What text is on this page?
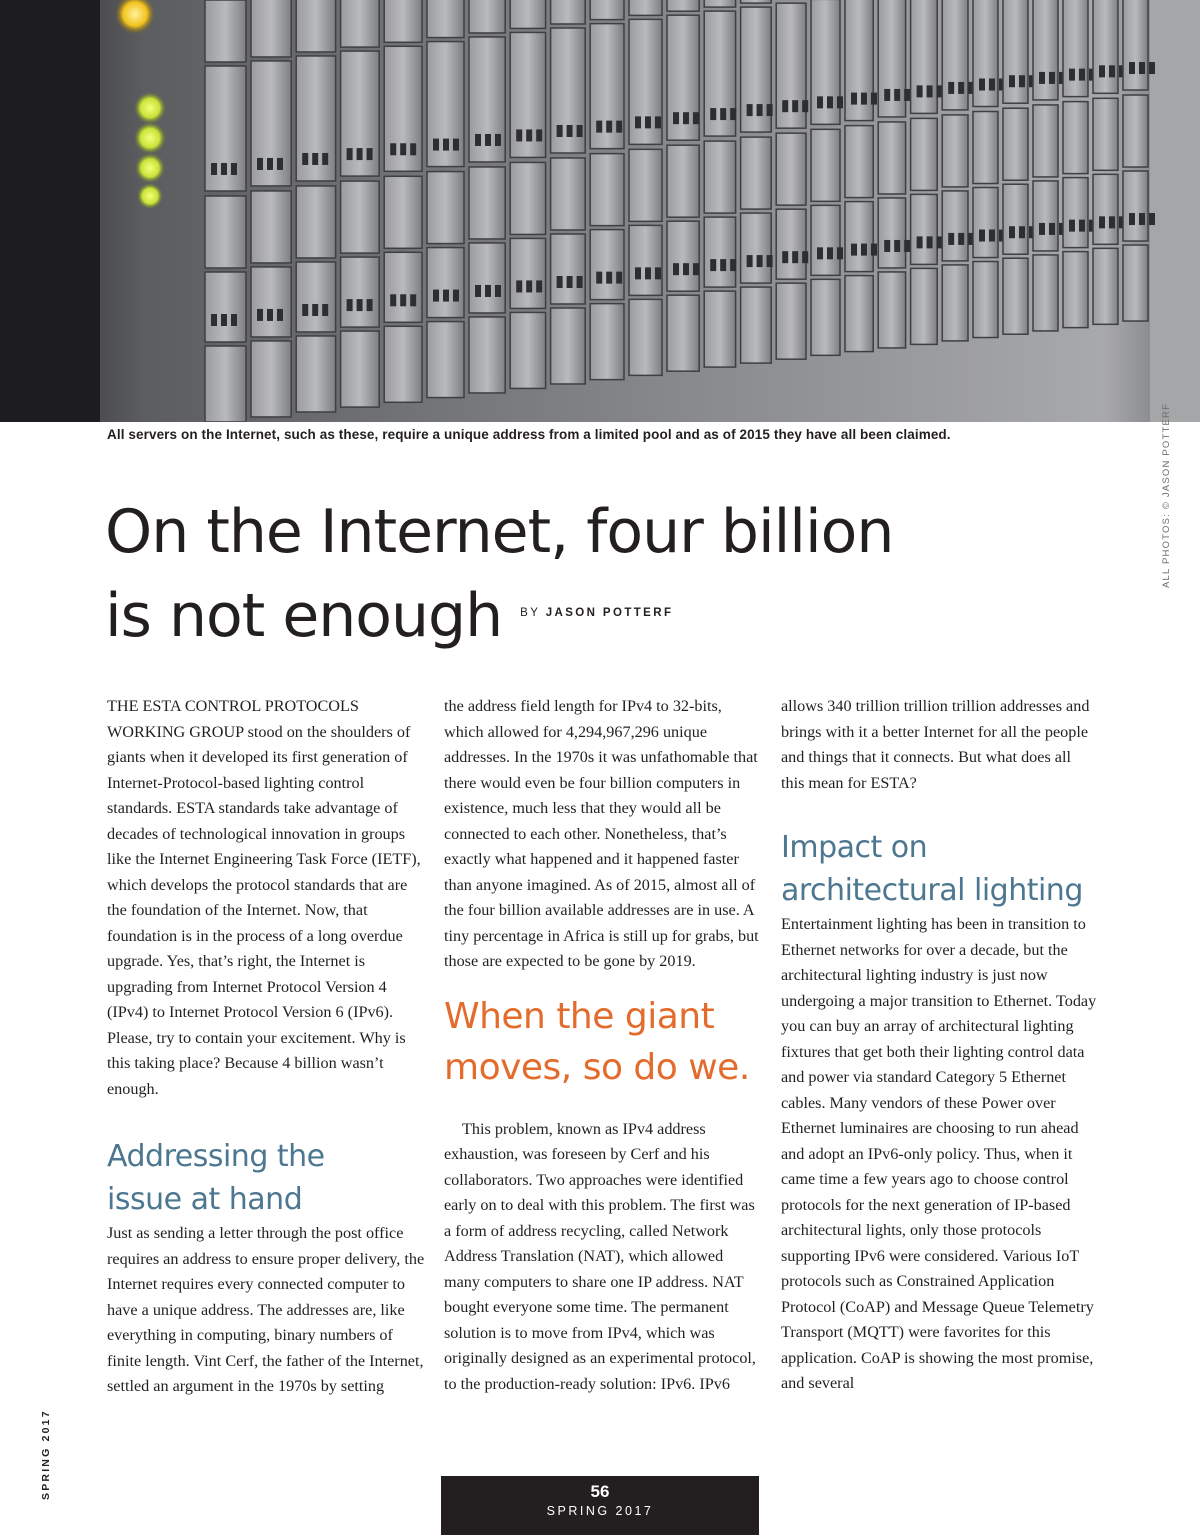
All servers on the Internet, such as these, require a unique address from a limited pool and as of 2015 they have all been claimed.	ALL PHOTOS: © JASON POTTERF
On the Internet, four billion
is not enough BY JASON POTTERF

THE ESTA CONTROL PROTOCOLS WORKING GROUP stood on the shoulders of giants when it developed its first generation of Internet-Protocol-based lighting control standards. ESTA standards take advantage of decades of technological innovation in groups like the Internet Engineering Task Force (IETF), which develops the protocol standards that are the foundation of the Internet. Now, that foundation is in the process of a long overdue upgrade. Yes, that’s right, the Internet is upgrading from Internet Protocol Version 4 (IPv4) to Internet Protocol Version 6 (IPv6). Please, try to contain your excitement. Why is this taking place? Because 4 billion wasn’t enough.

Addressing the
issue at hand

Just as sending a letter through the post office requires an address to ensure proper delivery, the Internet requires every connected computer to have a unique address. The addresses are, like everything in computing, binary numbers of finite length. Vint Cerf, the father of the Internet, settled an argument in the 1970s by setting

the address field length for IPv4 to 32-bits, which allowed for 4,294,967,296 unique addresses. In the 1970s it was unfathomable that there would even be four billion computers in existence, much less that they would all be connected to each other. Nonetheless, that’s exactly what happened and it happened faster than anyone imagined. As of 2015, almost all of the four billion available addresses are in use. A tiny percentage in Africa is still up for grabs, but those are expected to be gone by 2019.

When the giant
moves, so do we.

This problem, known as IPv4 address exhaustion, was foreseen by Cerf and his collaborators. Two approaches were identified early on to deal with this problem. The first was a form of address recycling, called Network Address Translation (NAT), which allowed many computers to share one IP address. NAT bought everyone some time. The permanent solution is to move from IPv4, which was originally designed as an experimental protocol, to the production-ready solution: IPv6. IPv6

allows 340 trillion trillion trillion addresses and brings with it a better Internet for all the people and things that it connects. But what does all this mean for ESTA?

Impact on
architectural lighting

Entertainment lighting has been in transition to Ethernet networks for over a decade, but the architectural lighting industry is just now undergoing a major transition to Ethernet. Today you can buy an array of architectural lighting fixtures that get both their lighting control data and power via standard Category 5 Ethernet cables. Many vendors of these Power over Ethernet luminaires are choosing to run ahead and adopt an IPv6-only policy. Thus, when it came time a few years ago to choose control protocols for the next generation of IP-based architectural lights, only those protocols supporting IPv6 were considered. Various IoT protocols such as Constrained Application Protocol (CoAP) and Message Queue Telemetry Transport (MQTT) were favorites for this application. CoAP is showing the most promise, and several

SPRING 2017	56
SPRING 2017
